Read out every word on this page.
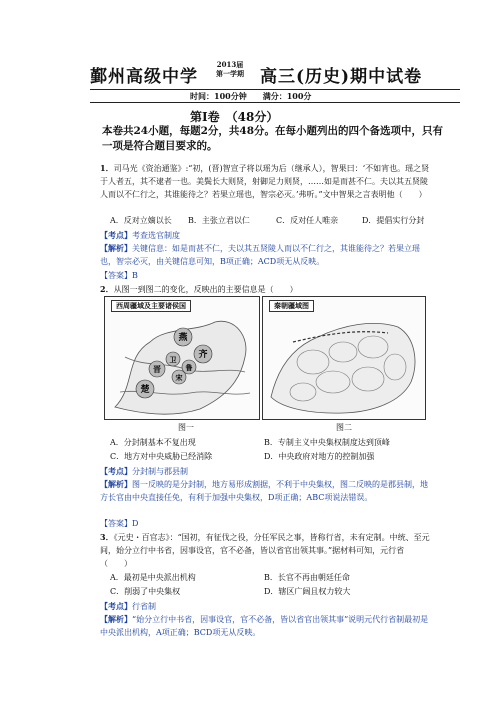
鄞州高级中学
2013届
第一学期 高三(历史)期中试卷
时间：100分钟　　满分：100分
第Ⅰ卷　（48分）
本卷共24小题，每题2分，共48分。在每小题列出的四个备选项中，只有一项是符合题目要求的。
1．司马光《资治通鉴》:“初，(晋)智宣子将以瑶为后（继承人），智果曰：‘不如宵也。瑶之贤于人者五，其不逮者一也。美鬓长大则贤，射御足力则贤，……如是而甚不仁。夫以其五贤陵人而以不仁行之，其谁能待之？若果立瑶也，智宗必灭。’弗听。”文中智果之言表明他（　　）
A．反对立嫡以长 B．主张立君以仁	C．反对任人唯亲	D．提倡实行分封
【考点】考查选官制度
【解析】关键信息：如是而甚不仁，夫以其五贤陵人而以不仁行之，其谁能待之？若果立瑶也，智宗必灭，由关键信息可知，B项正确；ACD项无从反映。
【答案】B
2．从图一到图二的变化，反映出的主要信息是（　　）
燕
齐
鲁
卫
晋
宋
楚
西周疆域及主要诸侯国	秦朝疆域图
图一	图二
A．分封制基本不复出现	B．专制主义中央集权制度达到顶峰
C．地方对中央威胁已经消除	D．中央政府对地方的控制加强
【考点】分封制与郡县制
【解析】图一反映的是分封制，地方易形成割据，不利于中央集权，图二反映的是郡县制，地方长官由中央直接任免，有利于加强中央集权，D项正确；ABC项说法错误。
【答案】D
3．《元史・百官志》：“国初，有征伐之役，分任军民之事，皆称行省，未有定制。中统、至元间，始分立行中书省，因事设官，官不必备，皆以省官出领其事。”据材料可知，元行省（　　）
A．最初是中央派出机构	B．长官不再由朝廷任命
C．削弱了中央集权	D．辖区广阔且权力较大
【考点】行省制
【解析】“始分立行中书省，因事设官，官不必备，皆以省官出领其事”说明元代行省制最初是中央派出机构，A项正确；BCD项无从反映。
